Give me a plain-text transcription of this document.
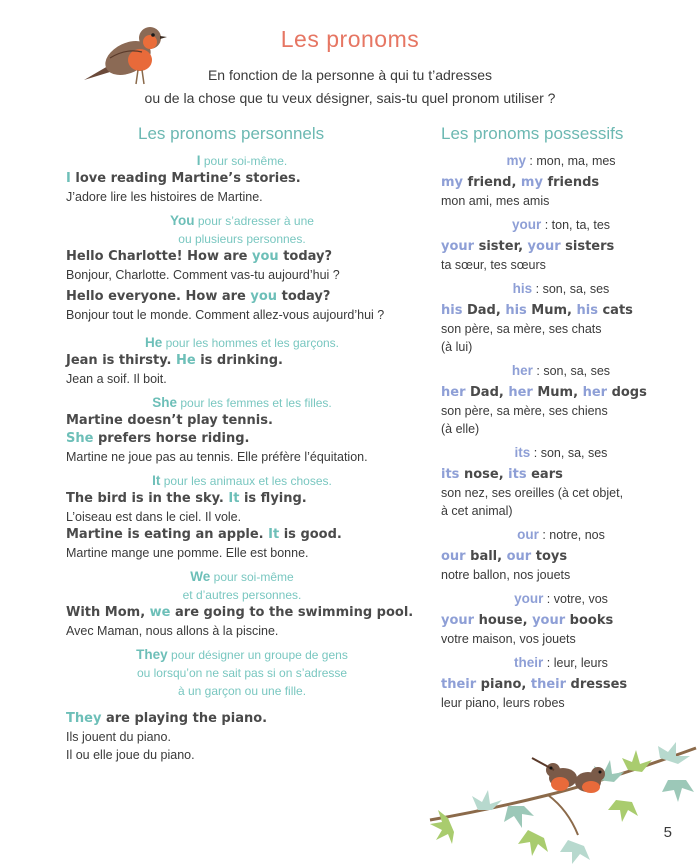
Les pronoms
En fonction de la personne à qui tu t’adresses
ou de la chose que tu veux désigner, sais-tu quel pronom utiliser ?
Les pronoms personnels	Les pronoms possessifs
I pour soi-même.
I love reading Martine’s stories.
J’adore lire les histoires de Martine.
You pour s’adresser à une
ou plusieurs personnes.
Hello Charlotte! How are you today?
Bonjour, Charlotte. Comment vas-tu aujourd’hui ?
Hello everyone. How are you today?
Bonjour tout le monde. Comment allez-vous aujourd’hui ?
He pour les hommes et les garçons.
Jean is thirsty. He is drinking.
Jean a soif. Il boit.
She pour les femmes et les filles.
Martine doesn’t play tennis.
She prefers horse riding.
Martine ne joue pas au tennis. Elle préfère l’équitation.
It pour les animaux et les choses.
The bird is in the sky. It is flying.
L’oiseau est dans le ciel. Il vole.
Martine is eating an apple. It is good.
Martine mange une pomme. Elle est bonne.
We pour soi-même
et d’autres personnes.
With Mom, we are going to the swimming pool.
Avec Maman, nous allons à la piscine.
They pour désigner un groupe de gens
ou lorsqu’on ne sait pas si on s’adresse
à un garçon ou une fille.
They are playing the piano.
Ils jouent du piano.
Il ou elle joue du piano.
my : mon, ma, mes
my friend, my friends
mon ami, mes amis
your : ton, ta, tes
your sister, your sisters
ta sœur, tes sœurs
his : son, sa, ses
his Dad, his Mum, his cats
son père, sa mère, ses chats
(à lui)
her : son, sa, ses
her Dad, her Mum, her dogs
son père, sa mère, ses chiens
(à elle)
its : son, sa, ses
its nose, its ears
son nez, ses oreilles (à cet objet,
à cet animal)
our : notre, nos
our ball, our toys
notre ballon, nos jouets
your : votre, vos
your house, your books
votre maison, vos jouets
their : leur, leurs
their piano, their dresses
leur piano, leurs robes
5
